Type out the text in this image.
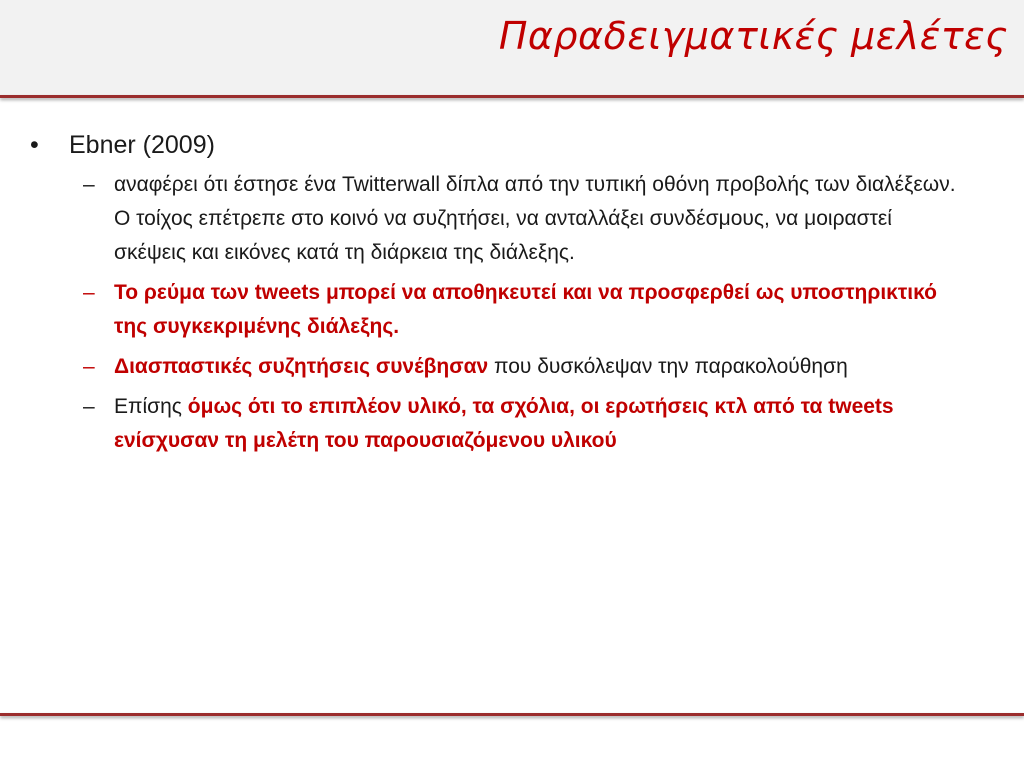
Παραδειγματικές μελέτες
• Ebner (2009)
– αναφέρει ότι έστησε ένα Twitterwall δίπλα από την τυπική οθόνη προβολής των διαλέξεων. Ο τοίχος επέτρεπε στο κοινό να συζητήσει, να ανταλλάξει συνδέσμους, να μοιραστεί σκέψεις και εικόνες κατά τη διάρκεια της διάλεξης.
– Το ρεύμα των tweets μπορεί να αποθηκευτεί και να προσφερθεί ως υποστηρικτικό της συγκεκριμένης διάλεξης.
– Διασπαστικές συζητήσεις συνέβησαν που δυσκόλεψαν την παρακολούθηση
– Επίσης όμως ότι το επιπλέον υλικό, τα σχόλια, οι ερωτήσεις κτλ από τα tweets ενίσχυσαν τη μελέτη του παρουσιαζόμενου υλικού
